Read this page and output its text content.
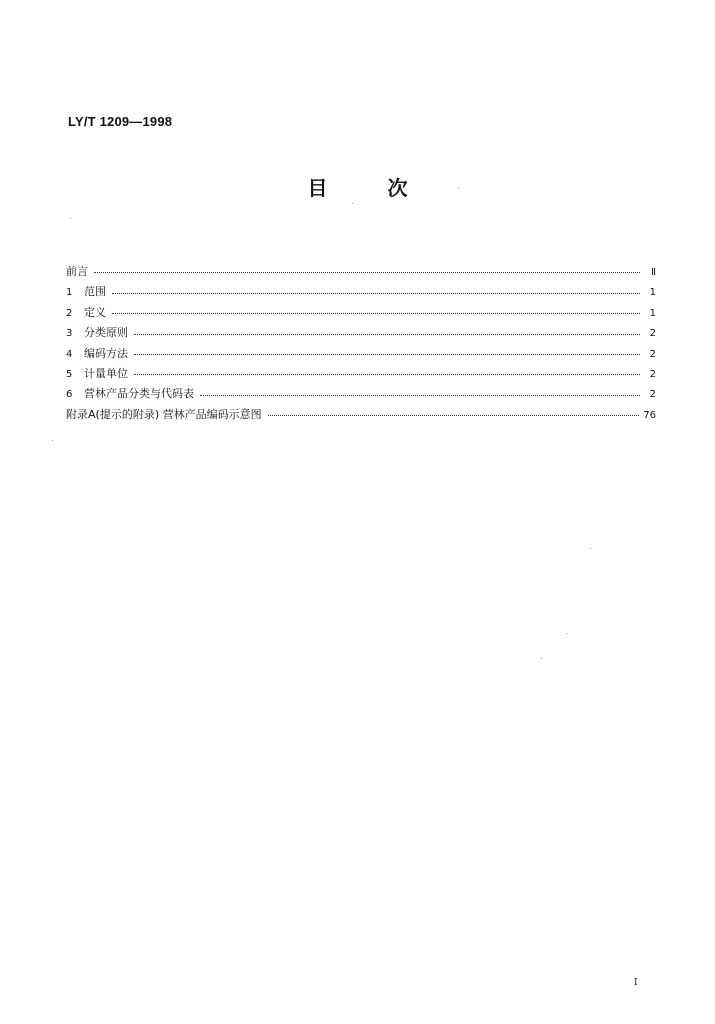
LY/T 1209—1998
目	次
前言	Ⅱ
1	范围	1
2	定义	1
3	分类原则	2
4	编码方法	2
5	计量单位	2
6	营林产品分类与代码表	2
附录A(提示的附录) 营林产品编码示意图	76
I
